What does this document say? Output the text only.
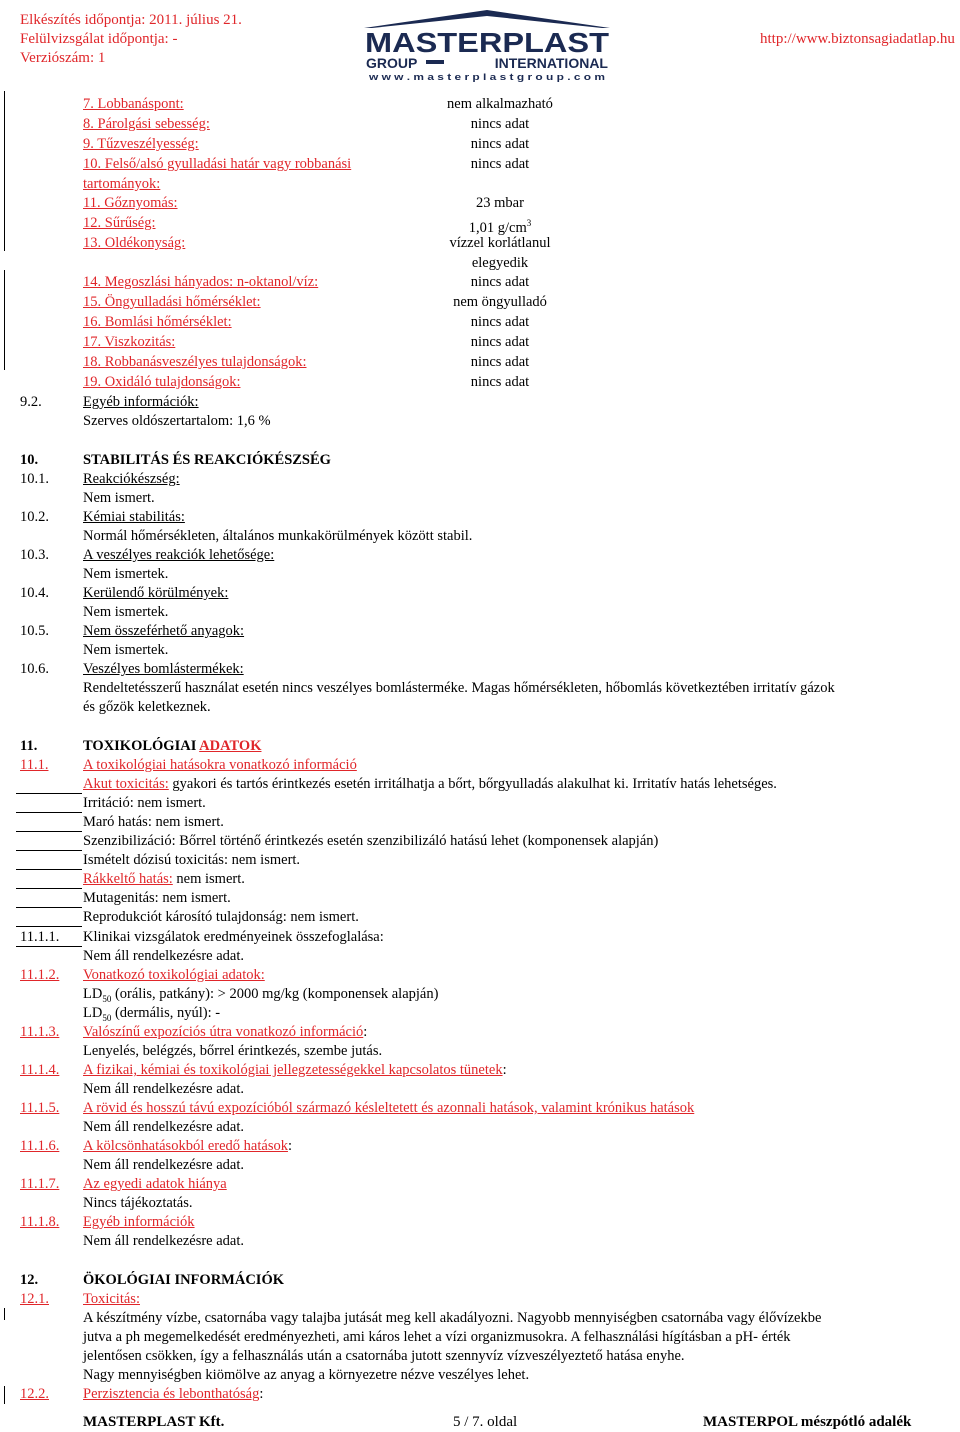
Elkészítés időpontja: 2011. július 21.
Felülvizsgálat időpontja: -
Verziószám: 1	MASTERPLAST
GROUP	INTERNATIONAL
w w w . m a s t e r p l a s t g r o u p . c o m
http://www.biztonsagiadatlap.hu
7. Lobbanáspont:	nem alkalmazható
8. Párolgási sebesség:	nincs adat
9. Tűzveszélyesség:	nincs adat
10. Felső/alsó gyulladási határ vagy robbanási	nincs adat
tartományok:
11. Gőznyomás:	23 mbar
12. Sűrűség:	1,01 $g/cm^3$
13. Oldékonyság:	vízzel korlátlanul
elegyedik
14. Megoszlási hányados: n-oktanol/víz:	nincs adat
15. Öngyulladási hőmérséklet:	nem öngyulladó
16. Bomlási hőmérséklet:	nincs adat
17. Viszkozitás:	nincs adat
18. Robbanásveszélyes tulajdonságok:	nincs adat
19. Oxidáló tulajdonságok:	nincs adat
9.2.	Egyéb információk:
Szerves oldószertartalom: 1,6 %
10.	STABILITÁS ÉS REAKCIÓKÉSZSÉG
10.1. Reakciókészség:
Nem ismert.
10.2. Kémiai stabilitás:
Normál hőmérsékleten, általános munkakörülmények között stabil.
10.3. A veszélyes reakciók lehetősége:
Nem ismertek.
10.4. Kerülendő körülmények:
Nem ismertek.
10.5. Nem összeférhető anyagok:
Nem ismertek.
10.6. Veszélyes bomlástermékek:
Rendeltetésszerű használat esetén nincs veszélyes bomlásterméke. Magas hőmérsékleten, hőbomlás következtében irritatív gázok
és gőzök keletkeznek.
11.	TOXIKOLÓGIAI ADATOK
11.1.	A toxikológiai hatásokra vonatkozó információ
Akut toxicitás: gyakori és tartós érintkezés esetén irritálhatja a bőrt, bőrgyulladás alakulhat ki. Irritatív hatás lehetséges.
Irritáció: nem ismert.
Maró hatás: nem ismert.
Szenzibilizáció: Bőrrel történő érintkezés esetén szenzibilizáló hatású lehet (komponensek alapján)
Ismételt dózisú toxicitás: nem ismert.
Rákkeltő hatás: nem ismert.
Mutagenitás: nem ismert.
Reprodukciót károsító tulajdonság: nem ismert.
11.1.1. Klinikai vizsgálatok eredményeinek összefoglalása:
Nem áll rendelkezésre adat.
11.1.2.	Vonatkozó toxikológiai adatok:
$LD_{50}$ (orális, patkány): > 2000 mg/kg (komponensek alapján)
$LD_{50}$ (dermális, nyúl): -
11.1.3.	Valószínű expozíciós útra vonatkozó információ:
Lenyelés, belégzés, bőrrel érintkezés, szembe jutás.
11.1.4.	A fizikai, kémiai és toxikológiai jellegzetességekkel kapcsolatos tünetek:
Nem áll rendelkezésre adat.
11.1.5.	A rövid és hosszú távú expozícióból származó késleltetett és azonnali hatások, valamint krónikus hatások
Nem áll rendelkezésre adat.
11.1.6.	A kölcsönhatásokból eredő hatások:
Nem áll rendelkezésre adat.
11.1.7.	Az egyedi adatok hiánya
Nincs tájékoztatás.
11.1.8.	Egyéb információk
Nem áll rendelkezésre adat.
12.	ÖKOLÓGIAI INFORMÁCIÓK
12.1.	Toxicitás:
A készítmény vízbe, csatornába vagy talajba jutását meg kell akadályozni. Nagyobb mennyiségben csatornába vagy élővízekbe
jutva a ph megemelkedését eredményezheti, ami káros lehet a vízi organizmusokra. A felhasználási hígításban a pH- érték
jelentősen csökken, így a felhasználás után a csatornába jutott szennyvíz vízveszélyeztető hatása enyhe.
Nagy mennyiségben kiömölve az anyag a környezetre nézve veszélyes lehet.
12.2.	Perzisztencia és lebonthatóság:
MASTERPLAST Kft.	5 / 7. oldal	MASTERPOL mészpótló adalék
